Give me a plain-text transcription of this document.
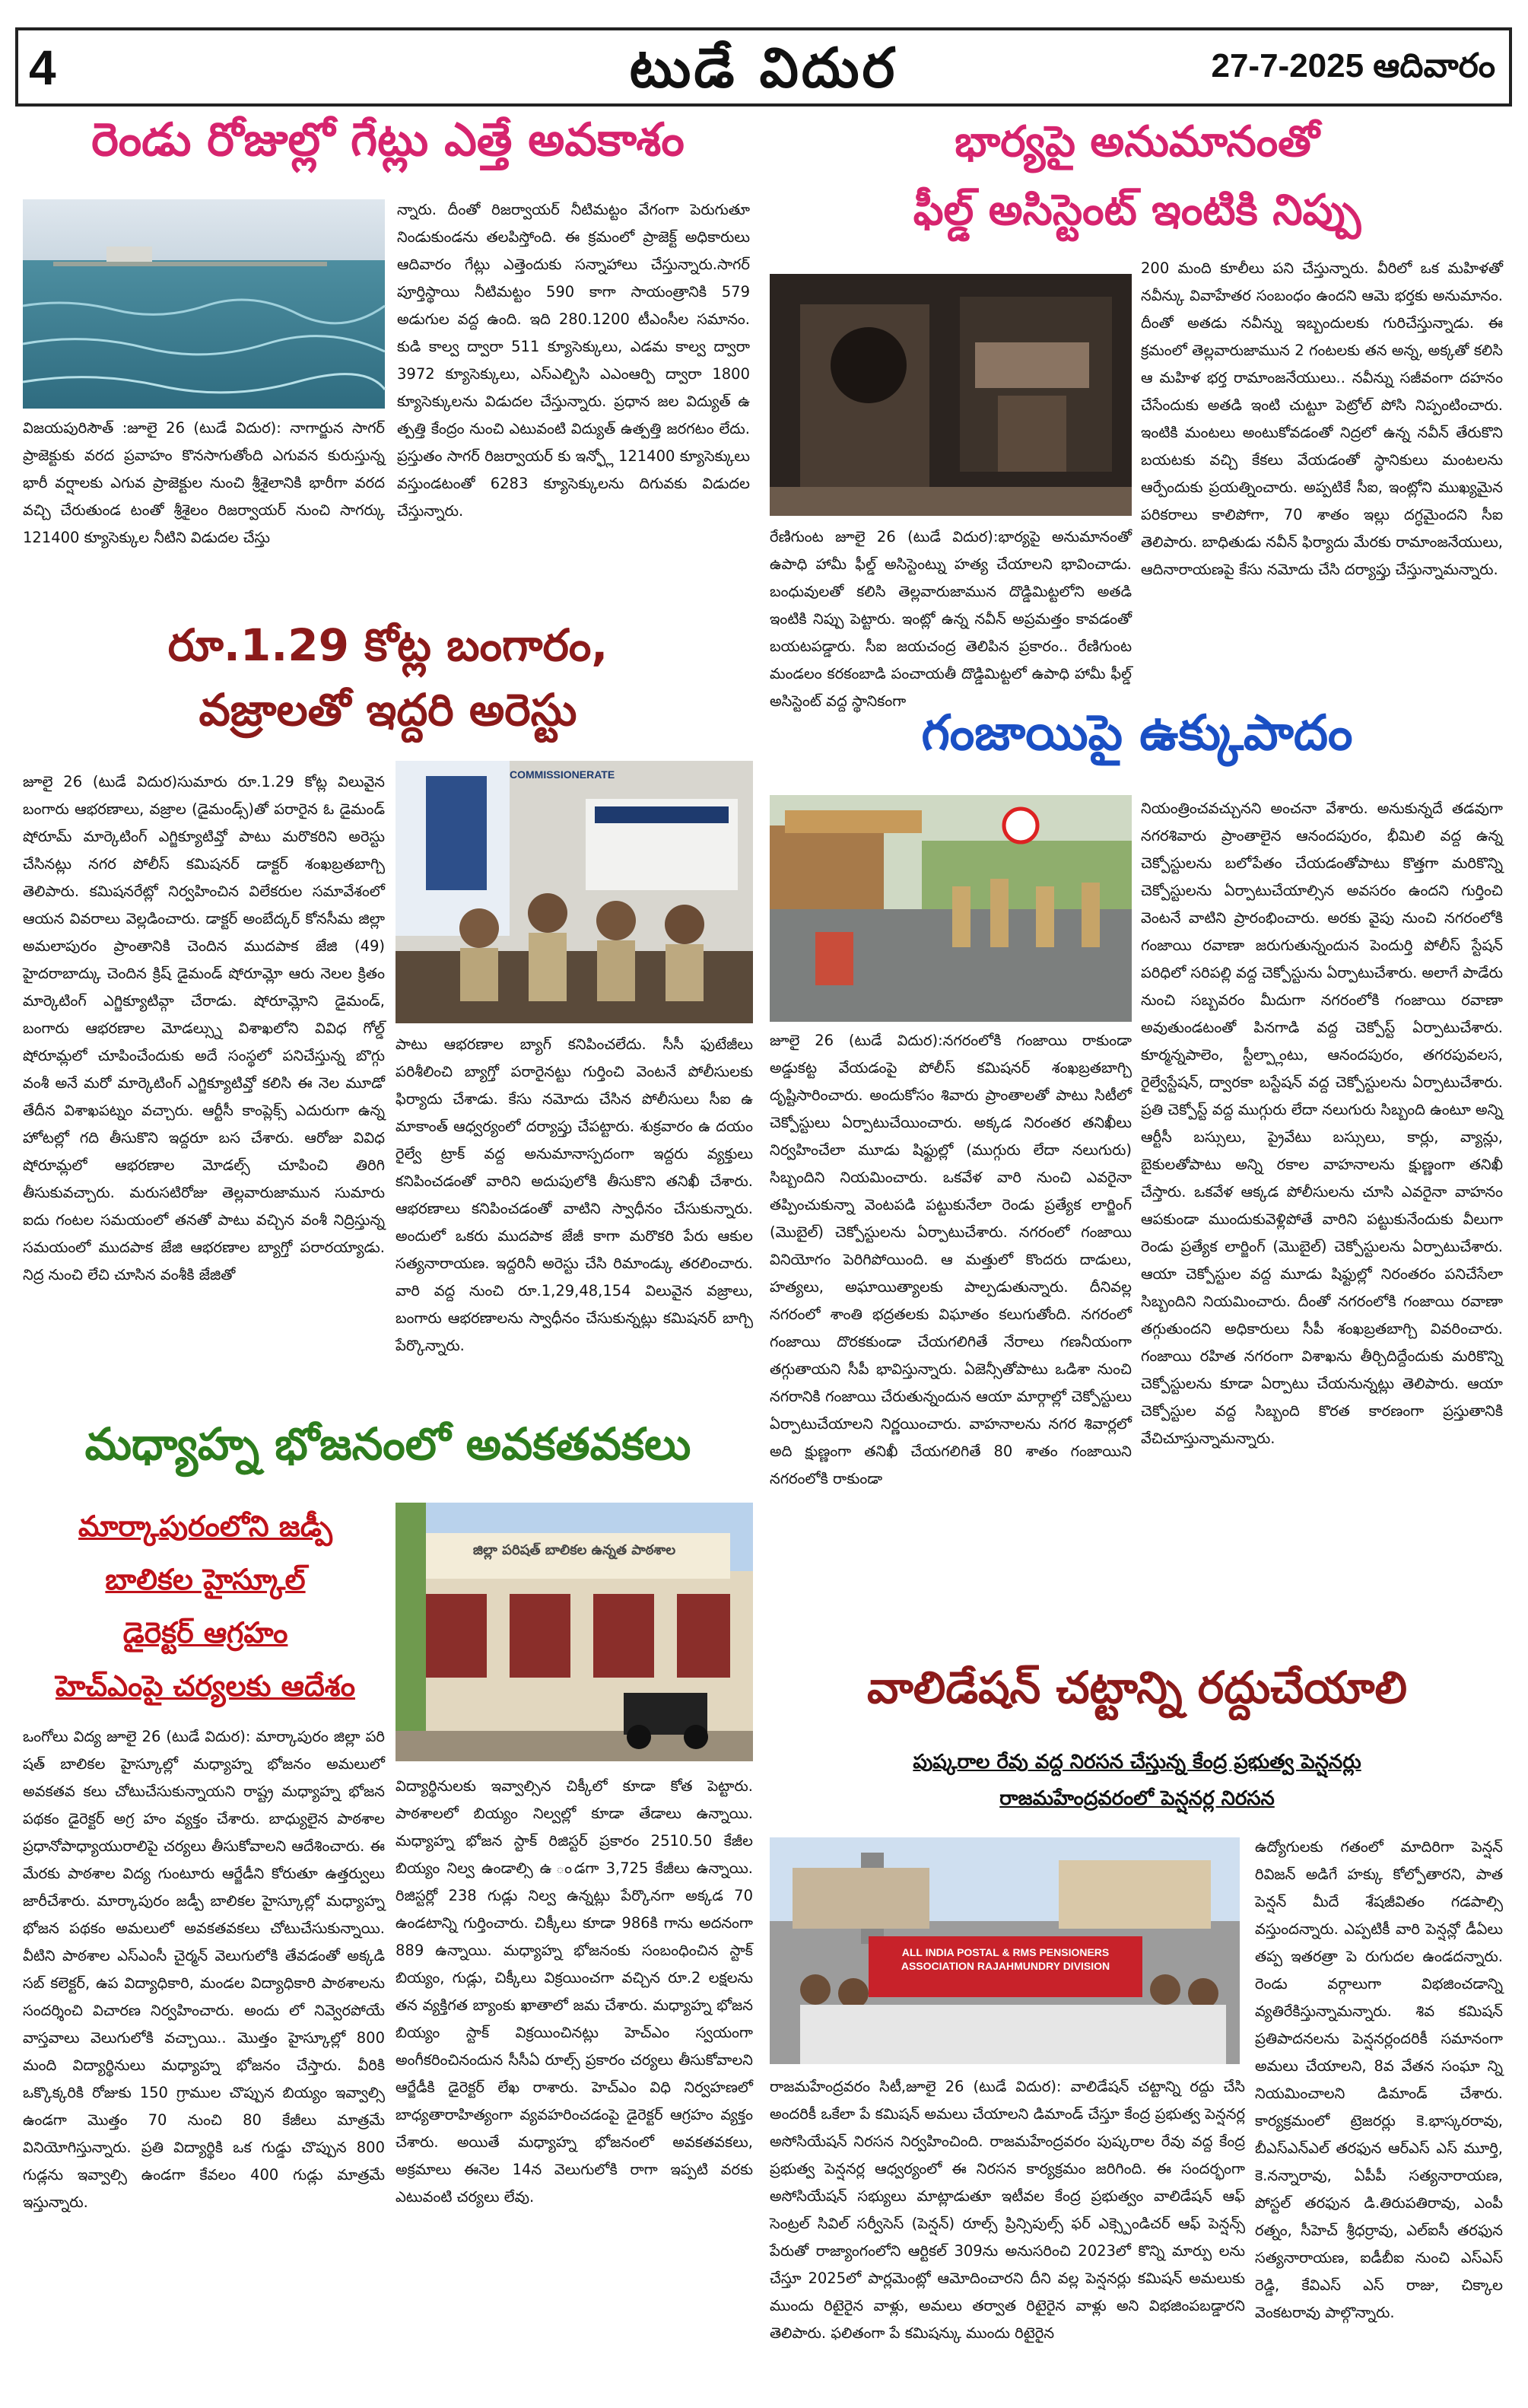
4	టుడే విదుర	27-7-2025 ఆదివారం
రెండు రోజుల్లో గేట్లు ఎత్తే అవకాశం
విజయపురిసౌత్ :జూలై 26 (టుడే విదుర): నాగార్జున సాగర్ ప్రాజెక్టుకు వరద ప్రవాహం కొనసాగుతోంది ఎగువన కురుస్తున్న భారీ వర్షాలకు ఎగువ ప్రాజెక్టుల నుంచి శ్రీశైలానికి భారీగా వరద వచ్చి చేరుతుండ టంతో శ్రీశైలం రిజర్వాయర్ నుంచి సాగర్కు 121400 క్యూసెక్కుల నీటిని విడుదల చేస్తు
న్నారు. దీంతో రిజర్వాయర్ నీటిమట్టం వేగంగా పెరుగుతూ నిండుకుండను తలపిస్తోంది. ఈ క్రమంలో ప్రాజెక్ట్ అధికారులు ఆదివారం గేట్లు ఎత్తెందుకు సన్నాహాలు చేస్తున్నారు.సాగర్ పూర్తిస్థాయి నీటిమట్టం 590 కాగా సాయంత్రానికి 579 అడుగుల వద్ద ఉంది. ఇది 280.1200 టీఎంసీల సమానం. కుడి కాల్వ ద్వారా 511 క్యూసెక్కులు, ఎడమ కాల్వ ద్వారా 3972 క్యూసెక్కులు, ఎస్ఎల్బిసి ఎఎంఆర్పి ద్వారా 1800 క్యూసెక్కులను విడుదల చేస్తున్నారు. ప్రధాన జల విద్యుత్ ఉ త్పత్తి కేంద్రం నుంచి ఎటువంటి విద్యుత్ ఉత్పత్తి జరగటం లేదు. ప్రస్తుతం సాగర్ రిజర్వాయర్ కు ఇన్ఫ్లో 121400 క్యూసెక్కులు వస్తుండటంతో 6283 క్యూసెక్కులను దిగువకు విడుదల చేస్తున్నారు.
భార్యపై అనుమానంతో
ఫీల్డ్ అసిస్టెంట్ ఇంటికి నిప్పు
రేణిగుంట జూలై 26 (టుడే విదుర):భార్యపై అనుమానంతో ఉపాధి హామీ ఫీల్డ్ అసిస్టెంట్ను హత్య చేయాలని భావించాడు. బంధువులతో కలిసి తెల్లవారుజామున దొడ్డిమిట్టలోని అతడి ఇంటికి నిప్పు పెట్టారు. ఇంట్లో ఉన్న నవీన్ అప్రమత్తం కావడంతో బయటపడ్డారు. సీఐ జయచంద్ర తెలిపిన ప్రకారం.. రేణిగుంట మండలం కరకంబాడి పంచాయతీ దొడ్డిమిట్టలో ఉపాధి హామీ ఫీల్డ్ అసిస్టెంట్ వద్ద స్థానికంగా
200 మంది కూలీలు పని చేస్తున్నారు. వీరిలో ఒక మహిళతో నవీన్కు వివాహేతర సంబంధం ఉందని ఆమె భర్తకు అనుమానం. దీంతో అతడు నవీన్ను ఇబ్బందులకు గురిచేస్తున్నాడు. ఈ క్రమంలో తెల్లవారుజామున 2 గంటలకు తన అన్న, అక్కతో కలిసి ఆ మహిళ భర్త రామాంజనేయులు.. నవీన్ను సజీవంగా దహనం చేసేందుకు అతడి ఇంటి చుట్టూ పెట్రోల్ పోసి నిప్పంటించారు. ఇంటికి మంటలు అంటుకోవడంతో నిద్రలో ఉన్న నవీన్ తేరుకొని బయటకు వచ్చి కేకలు వేయడంతో స్థానికులు మంటలను ఆర్పేందుకు ప్రయత్నించారు. అప్పటికే సీఐ, ఇంట్లోని ముఖ్యమైన పరికరాలు కాలిపోగా, 70 శాతం ఇల్లు దగ్ధమైందని సీఐ తెలిపారు. బాధితుడు నవీన్ ఫిర్యాదు మేరకు రామాంజనేయులు, ఆదినారాయణపై కేసు నమోదు చేసి దర్యాప్తు చేస్తున్నామన్నారు.
రూ.1.29 కోట్ల బంగారం,
వజ్రాలతో ఇద్దరి అరెస్టు
COMMISSIONERATE
జూలై 26 (టుడే విదుర)సుమారు రూ.1.29 కోట్ల విలువైన బంగారు ఆభరణాలు, వజ్రాల (డైమండ్స్)తో పరారైన ఓ డైమండ్ షోరూమ్ మార్కెటింగ్ ఎగ్జిక్యూటివ్తో పాటు మరొకరిని అరెస్టు చేసినట్లు నగర పోలీస్ కమిషనర్ డాక్టర్ శంఖబ్రతబాగ్చి తెలిపారు. కమిషనరేట్లో నిర్వహించిన విలేకరుల సమావేశంలో ఆయన వివరాలు వెల్లడించారు. డాక్టర్ అంబేద్కర్ కోనసీమ జిల్లా అమలాపురం ప్రాంతానికి చెందిన ముదపాక జేజి (49) హైదరాబాద్కు చెందిన క్రిష్ డైమండ్ షోరూమ్లో ఆరు నెలల క్రితం మార్కెటింగ్ ఎగ్జిక్యూటివ్గా చేరాడు. షోరూమ్లోని డైమండ్, బంగారు ఆభరణాల మోడల్స్ను విశాఖలోని వివిధ గోల్డ్ షోరూమ్లలో చూపించేందుకు అదే సంస్థలో పనిచేస్తున్న బొగ్గు వంశీ అనే మరో మార్కెటింగ్ ఎగ్జిక్యూటివ్తో కలిసి ఈ నెల మూడో తేదీన విశాఖపట్నం వచ్చారు. ఆర్టీసీ కాంప్లెక్స్ ఎదురుగా ఉన్న హోటల్లో గది తీసుకొని ఇద్దరూ బస చేశారు. ఆరోజు వివిధ షోరూమ్లలో ఆభరణాల మోడల్స్ చూపించి తిరిగి తీసుకువచ్చారు. మరుసటిరోజు తెల్లవారుజామున సుమారు ఐదు గంటల సమయంలో తనతో పాటు వచ్చిన వంశీ నిద్రిస్తున్న సమయంలో ముదపాక జేజి ఆభరణాల బ్యాగ్తో పరారయ్యాడు. నిద్ర నుంచి లేచి చూసిన వంశీకి జేజితో
పాటు ఆభరణాల బ్యాగ్ కనిపించలేదు. సీసీ ఫుటేజీలు పరిశీలించి బ్యాగ్తో పరారైనట్టు గుర్తించి వెంటనే పోలీసులకు ఫిర్యాదు చేశాడు. కేసు నమోదు చేసిన పోలీసులు సీఐ ఉ మాకాంత్ ఆధ్వర్యంలో దర్యాప్తు చేపట్టారు. శుక్రవారం ఉ దయం రైల్వే ట్రాక్ వద్ద అనుమానాస్పదంగా ఇద్దరు వ్యక్తులు కనిపించడంతో వారిని అదుపులోకి తీసుకొని తనిఖీ చేశారు. ఆభరణాలు కనిపించడంతో వాటిని స్వాధీనం చేసుకున్నారు. అందులో ఒకరు ముదపాక జేజీ కాగా మరొకరి పేరు ఆకుల సత్యనారాయణ. ఇద్దరినీ అరెస్టు చేసి రిమాండ్కు తరలించారు. వారి వద్ద నుంచి రూ.1,29,48,154 విలువైన వజ్రాలు, బంగారు ఆభరణాలను స్వాధీనం చేసుకున్నట్లు కమిషనర్ బాగ్చి పేర్కొన్నారు.
గంజాయిపై ఉక్కుపాదం
నియంత్రించవచ్చునని అంచనా వేశారు. అనుకున్నదే తడవుగా నగరశివారు ప్రాంతాలైన ఆనందపురం, భీమిలి వద్ద ఉన్న చెక్పోస్టులను బలోపేతం చేయడంతోపాటు కొత్తగా మరికొన్ని చెక్పోస్టులను ఏర్పాటుచేయాల్సిన అవసరం ఉందని గుర్తించి వెంటనే వాటిని ప్రారంభించారు. అరకు వైపు నుంచి నగరంలోకి గంజాయి రవాణా జరుగుతున్నందున పెందుర్తి పోలీస్ స్టేషన్ పరిధిలో సరిపల్లి వద్ద చెక్పోస్టును ఏర్పాటుచేశారు. అలాగే పాడేరు నుంచి సబ్బవరం మీదుగా నగరంలోకి గంజాయి రవాణా అవుతుండటంతో పినగాడి వద్ద చెక్పోస్ట్ ఏర్పాటుచేశారు. కూర్మన్నపాలెం, స్టీల్ప్లాంటు, ఆనందపురం, తగరపువలస, రైల్వేస్టేషన్, ద్వారకా బస్టేషన్ వద్ద చెక్పోస్టులను ఏర్పాటుచేశారు. ప్రతి చెక్పోస్ట్ వద్ద ముగ్గురు లేదా నలుగురు సిబ్బంది ఉంటూ అన్ని ఆర్టీసీ బస్సులు, ప్రైవేటు బస్సులు, కార్లు, వ్యాన్లు, బైకులతోపాటు అన్ని రకాల వాహనాలను క్షుణ్ణంగా తనిఖీ చేస్తారు. ఒకవేళ ఆక్కడ పోలీసులను చూసి ఎవరైనా వాహనం ఆపకుండా ముందుకువెళ్లిపోతే వారిని పట్టుకునేందుకు వీలుగా రెండు ప్రత్యేక లార్జింగ్ (మొబైల్) చెక్పోస్టులను ఏర్పాటుచేశారు. ఆయా చెక్పోస్టుల వద్ద మూడు షిఫ్టుల్లో నిరంతరం పనిచేసేలా సిబ్బందిని నియమించారు. దీంతో నగరంలోకి గంజాయి రవాణా తగ్గుతుందని అధికారులు సీపీ శంఖబ్రతబాగ్చి వివరించారు. గంజాయి రహిత నగరంగా విశాఖను తీర్చిదిద్దేందుకు మరికొన్ని చెక్పోస్టులను కూడా ఏర్పాటు చేయనున్నట్లు తెలిపారు. ఆయా చెక్పోస్టుల వద్ద సిబ్బంది కొరత కారణంగా ప్రస్తుతానికి వేచిచూస్తున్నామన్నారు.
జూలై 26 (టుడే విదుర):నగరంలోకి గంజాయి రాకుండా అడ్డుకట్ట వేయడంపై పోలీస్ కమిషనర్ శంఖబ్రతబాగ్చి దృష్టిసారించారు. అందుకోసం శివారు ప్రాంతాలతో పాటు సిటీలో చెక్పోస్టులు ఏర్పాటుచేయించారు. అక్కడ నిరంతర తనిఖీలు నిర్వహించేలా మూడు షిఫ్టుల్లో (ముగ్గురు లేదా నలుగురు) సిబ్బందిని నియమించారు. ఒకవేళ వారి నుంచి ఎవరైనా తప్పించుకున్నా వెంటపడి పట్టుకునేలా రెండు ప్రత్యేక లార్జింగ్ (మొబైల్) చెక్పోస్టులను ఏర్పాటుచేశారు. నగరంలో గంజాయి వినియోగం పెరిగిపోయింది. ఆ మత్తులో కొందరు దాడులు, హత్యలు, అఘాయిత్యాలకు పాల్పడుతున్నారు. దీనివల్ల నగరంలో శాంతి భద్రతలకు విఘాతం కలుగుతోంది. నగరంలో గంజాయి దొరకకుండా చేయగలిగితే నేరాలు గణనీయంగా తగ్గుతాయని సీపీ భావిస్తున్నారు. ఏజెన్సీతోపాటు ఒడిశా నుంచి నగరానికి గంజాయి చేరుతున్నందున ఆయా మార్గాల్లో చెక్పోస్టులు ఏర్పాటుచేయాలని నిర్ణయించారు. వాహనాలను నగర శివార్లలో అది క్షుణ్ణంగా తనిఖీ చేయగలిగితే 80 శాతం గంజాయిని నగరంలోకి రాకుండా
మధ్యాహ్న భోజనంలో అవకతవకలు
మార్కాపురంలోని జడ్పీ
బాలికల హైస్కూల్
డైరెక్టర్ ఆగ్రహం
హెచ్ఎంపై చర్యలకు ఆదేశం
జిల్లా పరిషత్ బాలికల ఉన్నత పాఠశాల
ఒంగోలు విద్య జూలై 26 (టుడే విదుర): మార్కాపురం జిల్లా పరి షత్ బాలికల హైస్కూల్లో మధ్యాహ్న భోజనం అమలులో అవకతవ కలు చోటుచేసుకున్నాయని రాష్ట్ర మధ్యాహ్న భోజన పథకం డైరెక్టర్ అగ్ర హం వ్యక్తం చేశారు. బాధ్యులైన పాఠశాల ప్రధానోపాధ్యాయురాలిపై చర్యలు తీసుకోవాలని ఆదేశించారు. ఈ మేరకు పాఠశాల విద్య గుంటూరు ఆర్జేడీని కోరుతూ ఉత్తర్వులు జారీచేశారు. మార్కాపురం జడ్పీ బాలికల హైస్కూల్లో మధ్యాహ్న భోజన పథకం అమలులో అవకతవకలు చోటుచేసుకున్నాయి. వీటిని పాఠశాల ఎస్ఎంసీ చైర్మన్ వెలుగులోకి తేవడంతో అక్కడి సబ్ కలెక్టర్, ఉప విద్యాధికారి, మండల విద్యాధికారి పాఠశాలను సందర్శించి విచారణ నిర్వహించారు. అందు లో నివ్వెరపోయే వాస్తవాలు వెలుగులోకి వచ్చాయి.. మొత్తం హైస్కూల్లో 800 మంది విద్యార్థినులు మధ్యాహ్న భోజనం చేస్తారు. వీరికి ఒక్కొక్కరికి రోజుకు 150 గ్రాముల చొప్పున బియ్యం ఇవ్వాల్సి ఉండగా మొత్తం 70 నుంచి 80 కేజీలు మాత్రమే వినియోగిస్తున్నారు. ప్రతి విద్యార్థికి ఒక గుడ్డు చొప్పున 800 గుడ్లను ఇవ్వాల్సి ఉండగా కేవలం 400 గుడ్లు మాత్రమే ఇస్తున్నారు.
విద్యార్థినులకు ఇవ్వాల్సిన చిక్కీలో కూడా కోత పెట్టారు. పాఠశాలలో బియ్యం నిల్వల్లో కూడా తేడాలు ఉన్నాయి. మధ్యాహ్న భోజన స్టాక్ రిజిస్టర్ ప్రకారం 2510.50 కేజీల బియ్యం నిల్వ ఉండాల్సి ఉ ండగా 3,725 కేజీలు ఉన్నాయి. రిజిస్టర్లో 238 గుడ్లు నిల్వ ఉన్నట్లు పేర్కొనగా అక్కడ 70 ఉండటాన్ని గుర్తించారు. చిక్కీలు కూడా 986కి గాను అదనంగా 889 ఉన్నాయి. మధ్యాహ్న భోజనంకు సంబంధించిన స్టాక్ బియ్యం, గుడ్లు, చిక్కీలు విక్రయించగా వచ్చిన రూ.2 లక్షలను తన వ్యక్తిగత బ్యాంకు ఖాతాలో జమ చేశారు. మధ్యాహ్న భోజన బియ్యం స్టాక్ విక్రయించినట్లు హెచ్ఎం స్వయంగా అంగీకరించినందున సీసీఏ రూల్స్ ప్రకారం చర్యలు తీసుకోవాలని ఆర్జేడీకి డైరెక్టర్ లేఖ రాశారు. హెచ్ఎం విధి నిర్వహణలో బాధ్యతారాహిత్యంగా వ్యవహరించడంపై డైరెక్టర్ ఆగ్రహం వ్యక్తం చేశారు. అయితే మధ్యాహ్న భోజనంలో అవకతవకలు, అక్రమాలు ఈనెల 14న వెలుగులోకి రాగా ఇప్పటి వరకు ఎటువంటి చర్యలు లేవు.
వాలిడేషన్ చట్టాన్ని రద్దుచేయాలి
పుష్కరాల రేవు వద్ద నిరసన చేస్తున్న కేంద్ర ప్రభుత్వ పెన్షనర్లు
రాజమహేంద్రవరంలో పెన్షనర్ల నిరసన
ALL INDIA POSTAL & RMS PENSIONERS ASSOCIATION RAJAHMUNDRY DIVISION
ఉద్యోగులకు గతంలో మాదిరిగా పెన్షన్ రివిజన్ అడిగే హక్కు కోల్పోతారని, పాత పెన్షన్ మీదే శేషజీవితం గడపాల్సి వస్తుందన్నారు. ఎప్పటికీ వారి పెన్షన్లో డీఏలు తప్ప ఇతరత్రా పె రుగుదల ఉండదన్నారు. రెండు వర్గాలుగా విభజించడాన్ని వ్యతిరేకిస్తున్నామన్నారు. శివ కమిషన్ ప్రతిపాదనలను పెన్షనర్లందరికీ సమానంగా అమలు చేయాలని, 8వ వేతన సంఘా న్ని నియమించాలని డిమాండ్ చేశారు. కార్యక్రమంలో ట్రెజరర్లు కె.భాస్కరరావు, బీఎస్ఎన్ఎల్ తరఫున ఆర్ఎస్ ఎస్ మూర్తి, కె.నన్నారావు, ఏపీపీ సత్యనారాయణ, పోస్టల్ తరఫున డి.తిరుపతిరావు, ఎంపీ రత్నం, సీహెచ్ శ్రీధర్రావు, ఎల్ఐసీ తరఫున సత్యనారాయణ, ఐడీబీఐ నుంచి ఎస్ఎస్ రెడ్డి, కేవిఎస్ ఎస్ రాజు, చిక్కాల వెంకటరావు పాల్గొన్నారు.
రాజమహేంద్రవరం సిటీ,జూలై 26 (టుడే విదుర): వాలిడేషన్ చట్టాన్ని రద్దు చేసి అందరికీ ఒకేలా పే కమిషన్ అమలు చేయాలని డిమాండ్ చేస్తూ కేంద్ర ప్రభుత్వ పెన్షనర్ల అసోసియేషన్ నిరసన నిర్వహించింది. రాజమహేంద్రవరం పుష్కరాల రేవు వద్ద కేంద్ర ప్రభుత్వ పెన్షనర్ల ఆధ్వర్యంలో ఈ నిరసన కార్యక్రమం జరిగింది. ఈ సందర్భంగా అసోసియేషన్ సభ్యులు మాట్లాడుతూ ఇటీవల కేంద్ర ప్రభుత్వం వాలిడేషన్ ఆఫ్ సెంట్రల్ సివిల్ సర్వీసెస్ (పెన్షన్) రూల్స్ ప్రిన్సిపుల్స్ ఫర్ ఎక్స్పెండిచర్ ఆఫ్ పెన్షన్స్ పేరుతో రాజ్యాంగంలోని ఆర్టికల్ 309ను అనుసరించి 2023లో కొన్ని మార్పు లను చేస్తూ 2025లో పార్లమెంట్లో ఆమోదించారని దీని వల్ల పెన్షనర్లు కమిషన్ అమలుకు ముందు రిటైరైన వాళ్లు, అమలు తర్వాత రిటైరైన వాళ్లు అని విభజింపబడ్డారని తెలిపారు. ఫలితంగా పే కమిషన్కు ముందు రిటైరైన
